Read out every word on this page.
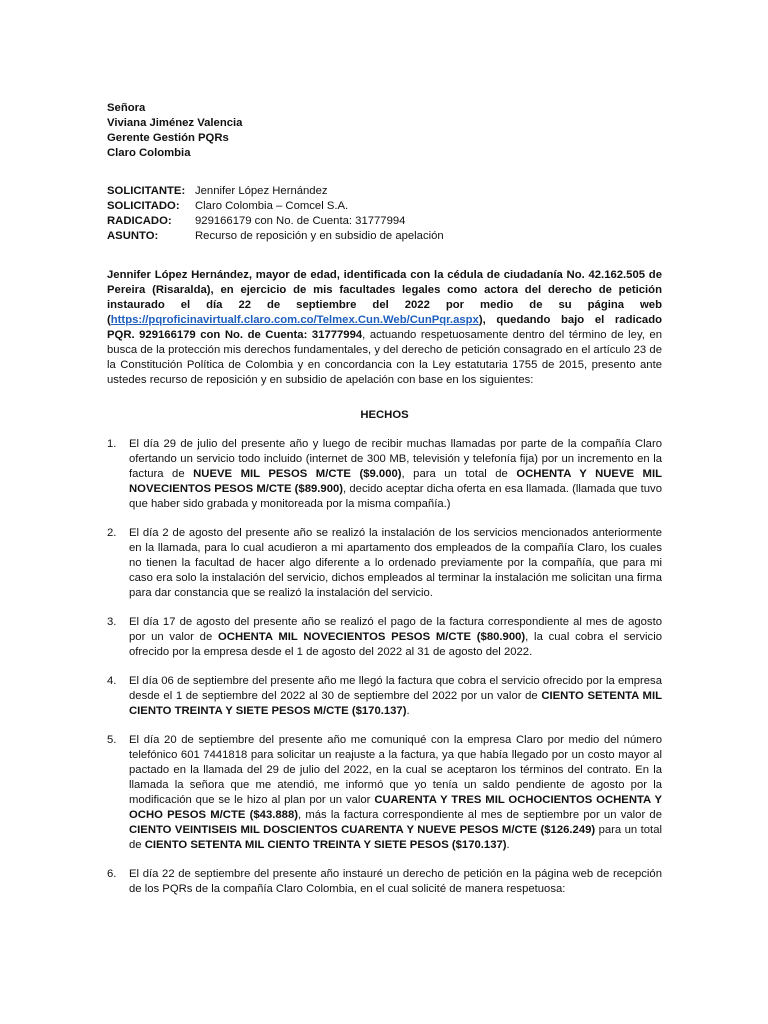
Señora
Viviana Jiménez Valencia
Gerente Gestión PQRs
Claro Colombia
SOLICITANTE: Jennifer López Hernández
SOLICITADO:	Claro Colombia – Comcel S.A.
RADICADO:	929166179 con No. de Cuenta: 31777994
ASUNTO:	Recurso de reposición y en subsidio de apelación
Jennifer López Hernández, mayor de edad, identificada con la cédula de ciudadanía No. 42.162.505 de Pereira (Risaralda), en ejercicio de mis facultades legales como actora del derecho de petición instaurado el día 22 de septiembre del 2022 por medio de su página web (https://pqroficinavirtualf.claro.com.co/Telmex.Cun.Web/CunPqr.aspx), quedando bajo el radicado PQR. 929166179 con No. de Cuenta: 31777994, actuando respetuosamente dentro del término de ley, en busca de la protección mis derechos fundamentales, y del derecho de petición consagrado en el artículo 23 de la Constitución Política de Colombia y en concordancia con la Ley estatutaria 1755 de 2015, presento ante ustedes recurso de reposición y en subsidio de apelación con base en los siguientes:
HECHOS
1.	El día 29 de julio del presente año y luego de recibir muchas llamadas por parte de la compañía Claro ofertando un servicio todo incluido (internet de 300 MB, televisión y telefonía fija) por un incremento en la factura de NUEVE MIL PESOS M/CTE ($9.000), para un total de OCHENTA Y NUEVE MIL NOVECIENTOS PESOS M/CTE ($89.900), decido aceptar dicha oferta en esa llamada. (llamada que tuvo que haber sido grabada y monitoreada por la misma compañía.)
2.	El día 2 de agosto del presente año se realizó la instalación de los servicios mencionados anteriormente en la llamada, para lo cual acudieron a mi apartamento dos empleados de la compañía Claro, los cuales no tienen la facultad de hacer algo diferente a lo ordenado previamente por la compañía, que para mi caso era solo la instalación del servicio, dichos empleados al terminar la instalación me solicitan una firma para dar constancia que se realizó la instalación del servicio.
3.	El día 17 de agosto del presente año se realizó el pago de la factura correspondiente al mes de agosto por un valor de OCHENTA MIL NOVECIENTOS PESOS M/CTE ($80.900), la cual cobra el servicio ofrecido por la empresa desde el 1 de agosto del 2022 al 31 de agosto del 2022.
4.	El día 06 de septiembre del presente año me llegó la factura que cobra el servicio ofrecido por la empresa desde el 1 de septiembre del 2022 al 30 de septiembre del 2022 por un valor de CIENTO SETENTA MIL CIENTO TREINTA Y SIETE PESOS M/CTE ($170.137).
5.	El día 20 de septiembre del presente año me comuniqué con la empresa Claro por medio del número telefónico 601 7441818 para solicitar un reajuste a la factura, ya que había llegado por un costo mayor al pactado en la llamada del 29 de julio del 2022, en la cual se aceptaron los términos del contrato. En la llamada la señora que me atendió, me informó que yo tenía un saldo pendiente de agosto por la modificación que se le hizo al plan por un valor CUARENTA Y TRES MIL OCHOCIENTOS OCHENTA Y OCHO PESOS M/CTE ($43.888), más la factura correspondiente al mes de septiembre por un valor de CIENTO VEINTISEIS MIL DOSCIENTOS CUARENTA Y NUEVE PESOS M/CTE ($126.249) para un total de CIENTO SETENTA MIL CIENTO TREINTA Y SIETE PESOS ($170.137).
6.	El día 22 de septiembre del presente año instauré un derecho de petición en la página web de recepción de los PQRs de la compañía Claro Colombia, en el cual solicité de manera respetuosa:
